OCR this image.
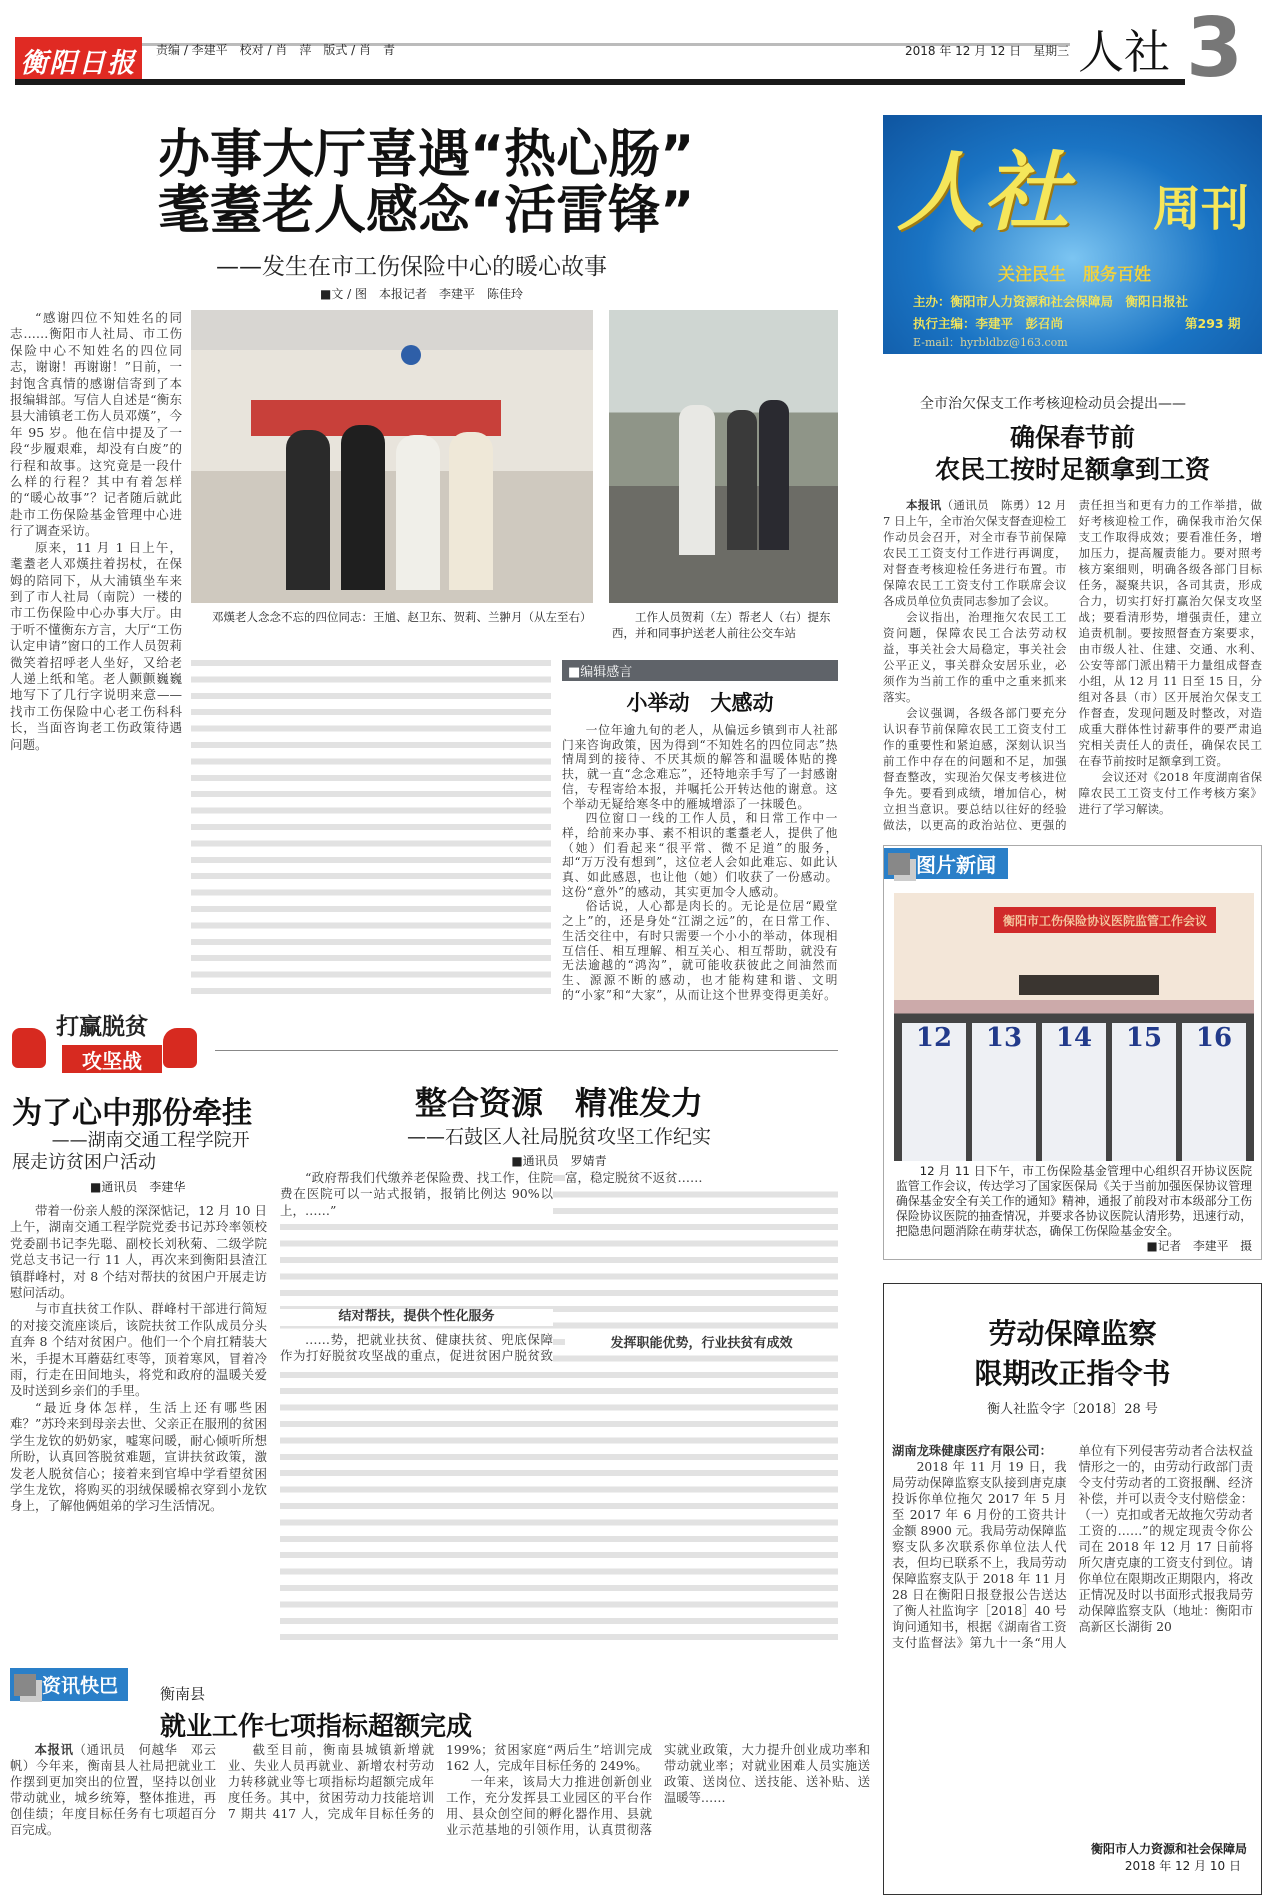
衡阳日报	责编 / 李建平　校对 / 肖　萍　版式 / 肖　青	2018 年 12 月 12 日　星期三 人社 3
办事大厅喜遇“热心肠”
耄耋老人感念“活雷锋”
——发生在市工伤保险中心的暖心故事
■文 / 图　本报记者　李建平　陈佳玲

“感谢四位不知姓名的同志……衡阳市人社局、市工伤保险中心不知姓名的四位同志，谢谢！再谢谢！”日前，一封饱含真情的感谢信寄到了本报编辑部。写信人自述是“衡东县大浦镇老工伤人员邓熯”，今年 95 岁。他在信中提及了一段“步履艰难，却没有白废”的行程和故事。这究竟是一段什么样的行程？其中有着怎样的“暖心故事”？记者随后就此赴市工伤保险基金管理中心进行了调查采访。

原来，11 月 1 日上午，耄耋老人邓熯拄着拐杖，在保姆的陪同下，从大浦镇坐车来到了市人社局（南院）一楼的市工伤保险中心办事大厅。由于听不懂衡东方言，大厅“工伤认定申请”窗口的工作人员贺莉微笑着招呼老人坐好，又给老人递上纸和笔。老人颤颤巍巍地写下了几行字说明来意——找市工伤保险中心老工伤科科长，当面咨询老工伤政策待遇问题。

邓熯老人念念不忘的四位同志：王馗、赵卫东、贺莉、兰翀月（从左至右）	工作人员贺莉（左）帮老人（右）提东西，并和同事护送老人前往公交车站
■编辑感言
小举动　大感动

一位年逾九旬的老人，从偏远乡镇到市人社部门来咨询政策，因为得到“不知姓名的四位同志”热情周到的接待、不厌其烦的解答和温暖体贴的搀扶，就一直“念念难忘”，还特地亲手写了一封感谢信，专程寄给本报，并嘱托公开转达他的谢意。这个举动无疑给寒冬中的雁城增添了一抹暖色。

四位窗口一线的工作人员，和日常工作中一样，给前来办事、素不相识的耄耋老人，提供了他（她）们看起来“很平常、微不足道”的服务，却“万万没有想到”，这位老人会如此难忘、如此认真、如此感恩，也让他（她）们收获了一份感动。这份“意外”的感动，其实更加令人感动。

俗话说，人心都是肉长的。无论是位居“殿堂之上”的，还是身处“江湖之远”的，在日常工作、生活交往中，有时只需要一个小小的举动，体现相互信任、相互理解、相互关心、相互帮助，就没有无法逾越的“鸿沟”，就可能收获彼此之间油然而生、源源不断的感动，也才能构建和谐、文明的“小家”和“大家”，从而让这个世界变得更美好。

人社 周刊
关注民生　服务百姓
主办：衡阳市人力资源和社会保障局　衡阳日报社
执行主编：李建平　彭召尚	第293 期
E-mail：hyrbldbz@163.com
全市治欠保支工作考核迎检动员会提出——
确保春节前
农民工按时足额拿到工资

本报讯（通讯员　陈勇）12 月 7 日上午，全市治欠保支督查迎检工作动员会召开，对全市春节前保障农民工工资支付工作进行再调度，对督查考核迎检任务进行布置。市保障农民工工资支付工作联席会议各成员单位负责同志参加了会议。

会议指出，治理拖欠农民工工资问题，保障农民工合法劳动权益，事关社会大局稳定，事关社会公平正义，事关群众安居乐业，必须作为当前工作的重中之重来抓来落实。

会议强调，各级各部门要充分认识春节前保障农民工工资支付工作的重要性和紧迫感，深刻认识当前工作中存在的问题和不足，加强督查整改，实现治欠保支考核进位争先。要看到成绩，增加信心，树立担当意识。要总结以往好的经验做法，以更高的政治站位、更强的责任担当和更有力的工作举措，做好考核迎检工作，确保我市治欠保支工作取得成效；要看准任务，增加压力，提高履责能力。要对照考核方案细则，明确各级各部门目标任务，凝聚共识，各司其责，形成合力，切实打好打赢治欠保支攻坚战；要看清形势，增强责任，建立追责机制。要按照督查方案要求，由市级人社、住建、交通、水利、公安等部门派出精干力量组成督查小组，从 12 月 11 日至 15 日，分组对各县（市）区开展治欠保支工作督查，发现问题及时整改，对造成重大群体性讨薪事件的要严肃追究相关责任人的责任，确保农民工在春节前按时足额拿到工资。

会议还对《2018 年度湖南省保障农民工工资支付工作考核方案》进行了学习解读。

图片新闻
衡阳市工伤保险协议医院监管工作会议
12	13	14	15	16
12 月 11 日下午，市工伤保险基金管理中心组织召开协议医院监管工作会议，传达学习了国家医保局《关于当前加强医保协议管理确保基金安全有关工作的通知》精神，通报了前段对市本级部分工伤保险协议医院的抽查情况，并要求各协议医院认清形势，迅速行动，把隐患问题消除在萌芽状态，确保工伤保险基金安全。
■记者　李建平　摄
劳动保障监察
限期改正指令书
衡人社监令字〔2018〕28 号
湖南龙珠健康医疗有限公司：

2018 年 11 月 19 日，我局劳动保障监察支队接到唐克康投诉你单位拖欠 2017 年 5 月至 2017 年 6 月份的工资共计金额 8900 元。我局劳动保障监察支队多次联系你单位法人代表，但均已联系不上，我局劳动保障监察支队于 2018 年 11 月 28 日在衡阳日报登报公告送达了衡人社监询字［2018］40 号询问通知书，根据《湖南省工资支付监督法》第九十一条“用人单位有下列侵害劳动者合法权益情形之一的，由劳动行政部门责令支付劳动者的工资报酬、经济补偿，并可以责令支付赔偿金：（一）克扣或者无故拖欠劳动者工资的……”的规定现责令你公司在 2018 年 12 月 17 日前将所欠唐克康的工资支付到位。请你单位在限期改正期限内，将改正情况及时以书面形式报我局劳动保障监察支队（地址：衡阳市高新区长湖街 20

衡阳市人力资源和社会保障局
2018 年 12 月 10 日
打赢脱贫
攻坚战
为了心中那份牵挂
——湖南交通工程学院开展走访贫困户活动
■通讯员　李建华

带着一份亲人般的深深惦记，12 月 10 日上午，湖南交通工程学院党委书记苏玲率领校党委副书记李先聪、副校长刘秋菊、二级学院党总支书记一行 11 人，再次来到衡阳县渣江镇群峰村，对 8 个结对帮扶的贫困户开展走访慰问活动。

与市直扶贫工作队、群峰村干部进行简短的对接交流座谈后，该院扶贫工作队成员分头直奔 8 个结对贫困户。他们一个个肩扛精装大米，手提木耳蘑菇红枣等，顶着寒风，冒着冷雨，行走在田间地头，将党和政府的温暖关爱及时送到乡亲们的手里。

“最近身体怎样，生活上还有哪些困难？”苏玲来到母亲去世、父亲正在服刑的贫困学生龙钦的奶奶家，嘘寒问暖，耐心倾听所想所盼，认真回答脱贫难题，宣讲扶贫政策，激发老人脱贫信心；接着来到官埠中学看望贫困学生龙钦，将购买的羽绒保暖棉衣穿到小龙钦身上，了解他俩姐弟的学习生活情况。

整合资源　精准发力
——石鼓区人社局脱贫攻坚工作纪实
■通讯员　罗婧青

“政府帮我们代缴养老保险费、找工作，住院费在医院可以一站式报销，报销比例达 90%以上，……”

结对帮扶，提供个性化服务

……势，把就业扶贫、健康扶贫、兜底保障作为打好脱贫攻坚战的重点，促进贫困户脱贫致富，稳定脱贫不返贫……

发挥职能优势，行业扶贫有成效
资讯快巴	衡南县
就业工作七项指标超额完成

本报讯（通讯员　何越华　邓云帆）今年来，衡南县人社局把就业工作摆到更加突出的位置，坚持以创业带动就业，城乡统筹，整体推进，再创佳绩；年度目标任务有七项超百分百完成。

截至目前，衡南县城镇新增就业、失业人员再就业、新增农村劳动力转移就业等七项指标均超额完成年度任务。其中，贫困劳动力技能培训 7 期共 417 人，完成年目标任务的 199%；贫困家庭“两后生”培训完成 162 人，完成年目标任务的 249%。

一年来，该局大力推进创新创业工作，充分发挥县工业园区的平台作用、县众创空间的孵化器作用、县就业示范基地的引领作用，认真贯彻落实就业政策，大力提升创业成功率和带动就业率；对就业困难人员实施送政策、送岗位、送技能、送补贴、送温暖等……
